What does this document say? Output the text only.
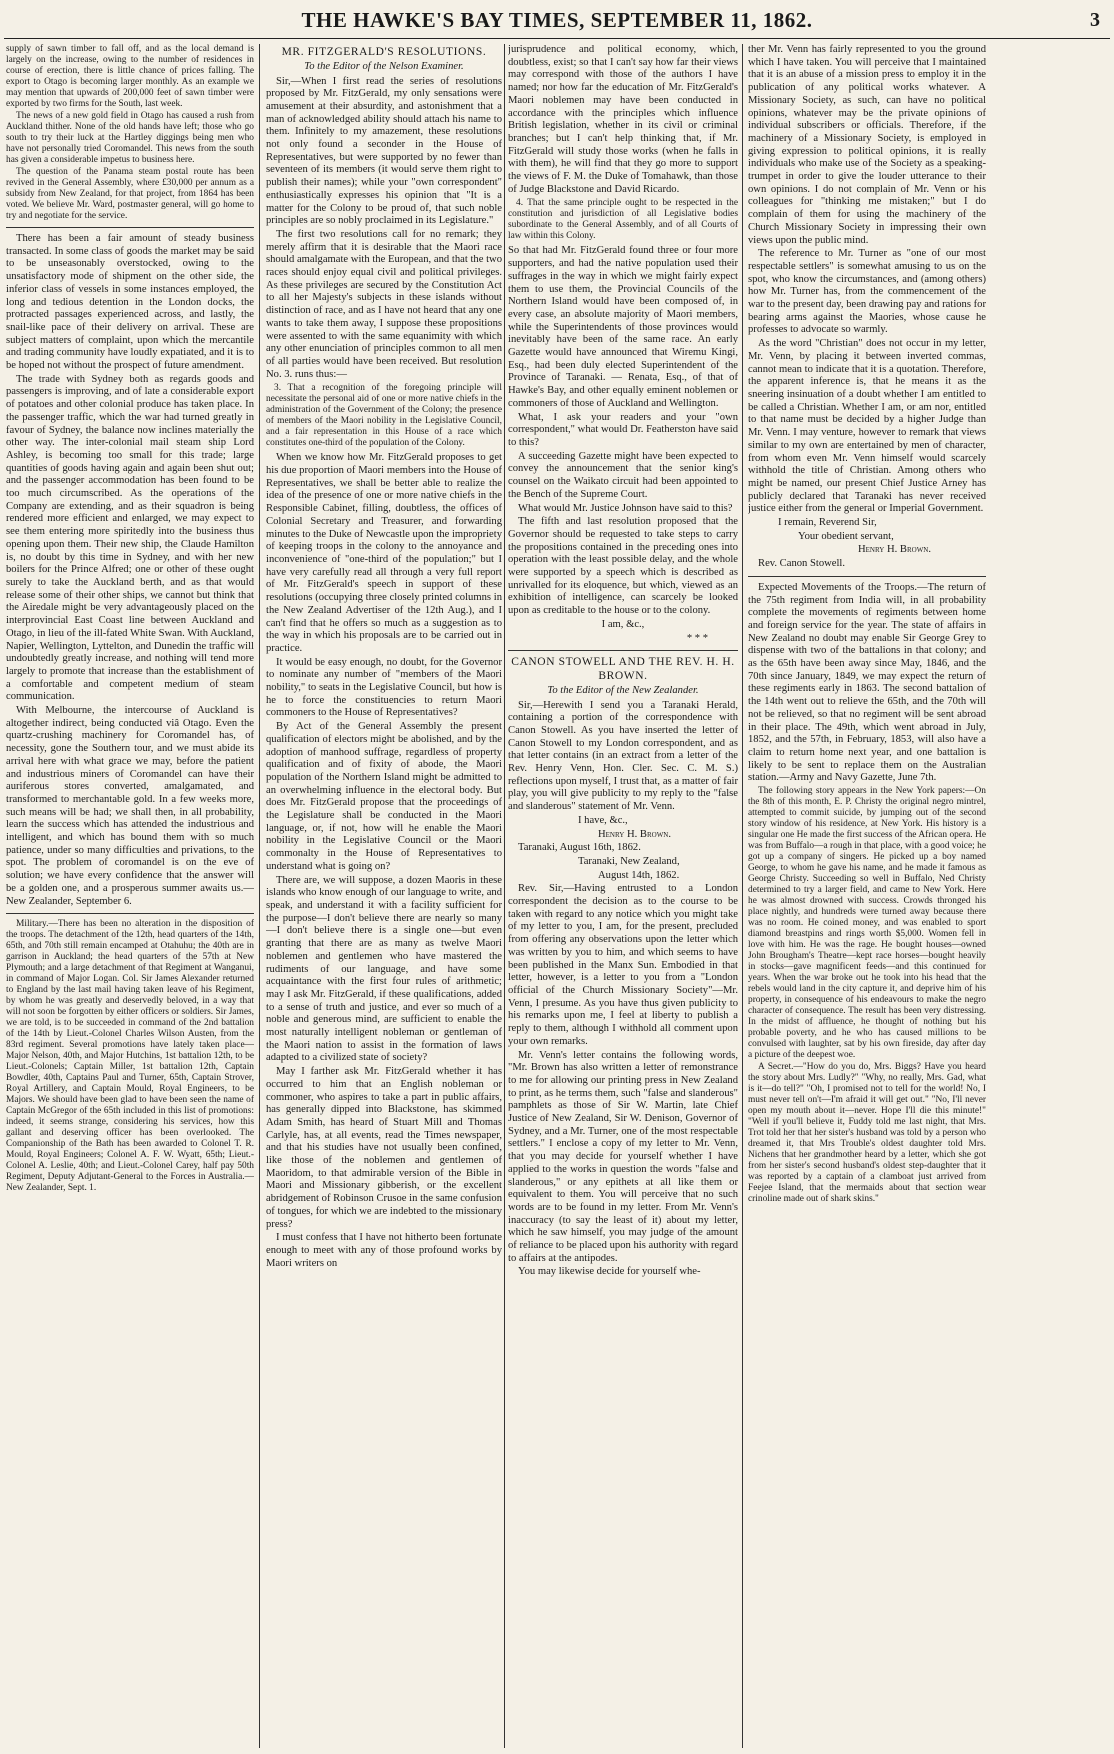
THE HAWKE'S BAY TIMES, SEPTEMBER 11, 1862.	3

supply of sawn timber to fall off, and as the local demand is largely on the increase, owing to the number of residences in course of erection, there is little chance of prices falling. The export to Otago is becoming larger monthly. As an example we may mention that upwards of 200,000 feet of sawn timber were exported by two firms for the South, last week.

The news of a new gold field in Otago has caused a rush from Auckland thither. None of the old hands have left; those who go south to try their luck at the Hartley diggings being men who have not personally tried Coromandel. This news from the south has given a considerable impetus to business here.

The question of the Panama steam postal route has been revived in the General Assembly, where £30,000 per annum as a subsidy from New Zealand, for that project, from 1864 has been voted. We believe Mr. Ward, postmaster general, will go home to try and negotiate for the service.

There has been a fair amount of steady business transacted. In some class of goods the market may be said to be unseasonably overstocked, owing to the unsatisfactory mode of shipment on the other side, the inferior class of vessels in some instances employed, the long and tedious detention in the London docks, the protracted passages experienced across, and lastly, the snail-like pace of their delivery on arrival. These are subject matters of complaint, upon which the mercantile and trading community have loudly expatiated, and it is to be hoped not without the prospect of future amendment.

The trade with Sydney both as regards goods and passengers is improving, and of late a considerable export of potatoes and other colonial produce has taken place. In the passenger traffic, which the war had turned greatly in favour of Sydney, the balance now inclines materially the other way. The inter-colonial mail steam ship Lord Ashley, is becoming too small for this trade; large quantities of goods having again and again been shut out; and the passenger accommodation has been found to be too much circumscribed. As the operations of the Company are extending, and as their squadron is being rendered more efficient and enlarged, we may expect to see them entering more spiritedly into the business thus opening upon them. Their new ship, the Claude Hamilton is, no doubt by this time in Sydney, and with her new boilers for the Prince Alfred; one or other of these ought surely to take the Auckland berth, and as that would release some of their other ships, we cannot but think that the Airedale might be very advantageously placed on the interprovincial East Coast line between Auckland and Otago, in lieu of the ill-fated White Swan. With Auckland, Napier, Wellington, Lyttelton, and Dunedin the traffic will undoubtedly greatly increase, and nothing will tend more largely to promote that increase than the establishment of a comfortable and competent medium of steam communication.

With Melbourne, the intercourse of Auckland is altogether indirect, being conducted viâ Otago. Even the quartz-crushing machinery for Coromandel has, of necessity, gone the Southern tour, and we must abide its arrival here with what grace we may, before the patient and industrious miners of Coromandel can have their auriferous stores converted, amalgamated, and transformed to merchantable gold. In a few weeks more, such means will be had; we shall then, in all probability, learn the success which has attended the industrious and intelligent, and which has bound them with so much patience, under so many difficulties and privations, to the spot. The problem of coromandel is on the eve of solution; we have every confidence that the answer will be a golden one, and a prosperous summer awaits us.—New Zealander, September 6.

Military.—There has been no alteration in the disposition of the troops. The detachment of the 12th, head quarters of the 14th, 65th, and 70th still remain encamped at Otahuhu; the 40th are in garrison in Auckland; the head quarters of the 57th at New Plymouth; and a large detachment of that Regiment at Wanganui, in command of Major Logan. Col. Sir James Alexander returned to England by the last mail having taken leave of his Regiment, by whom he was greatly and deservedly beloved, in a way that will not soon be forgotten by either officers or soldiers. Sir James, we are told, is to be succeeded in command of the 2nd battalion of the 14th by Lieut.-Colonel Charles Wilson Austen, from the 83rd regiment. Several promotions have lately taken place—Major Nelson, 40th, and Major Hutchins, 1st battalion 12th, to be Lieut.-Colonels; Captain Miller, 1st battalion 12th, Captain Bowdler, 40th, Captains Paul and Turner, 65th, Captain Strover, Royal Artillery, and Captain Mould, Royal Engineers, to be Majors. We should have been glad to have been seen the name of Captain McGregor of the 65th included in this list of promotions: indeed, it seems strange, considering his services, how this gallant and deserving officer has been overlooked. The Companionship of the Bath has been awarded to Colonel T. R. Mould, Royal Engineers; Colonel A. F. W. Wyatt, 65th; Lieut.-Colonel A. Leslie, 40th; and Lieut.-Colonel Carey, half pay 50th Regiment, Deputy Adjutant-General to the Forces in Australia.—New Zealander, Sept. 1.

MR. FITZGERALD'S RESOLUTIONS.
To the Editor of the Nelson Examiner.

Sir,—When I first read the series of resolutions proposed by Mr. FitzGerald, my only sensations were amusement at their absurdity, and astonishment that a man of acknowledged ability should attach his name to them. Infinitely to my amazement, these resolutions not only found a seconder in the House of Representatives, but were supported by no fewer than seventeen of its members (it would serve them right to publish their names); while your "own correspondent" enthusiastically expresses his opinion that "It is a matter for the Colony to be proud of, that such noble principles are so nobly proclaimed in its Legislature."

The first two resolutions call for no remark; they merely affirm that it is desirable that the Maori race should amalgamate with the European, and that the two races should enjoy equal civil and political privileges. As these privileges are secured by the Constitution Act to all her Majesty's subjects in these islands without distinction of race, and as I have not heard that any one wants to take them away, I suppose these propositions were assented to with the same equanimity with which any other enunciation of principles common to all men of all parties would have been received. But resolution No. 3. runs thus:—

3. That a recognition of the foregoing principle will necessitate the personal aid of one or more native chiefs in the administration of the Government of the Colony; the presence of members of the Maori nobility in the Legislative Council, and a fair representation in this House of a race which constitutes one-third of the population of the Colony.

When we know how Mr. FitzGerald proposes to get his due proportion of Maori members into the House of Representatives, we shall be better able to realize the idea of the presence of one or more native chiefs in the Responsible Cabinet, filling, doubtless, the offices of Colonial Secretary and Treasurer, and forwarding minutes to the Duke of Newcastle upon the impropriety of keeping troops in the colony to the annoyance and inconvenience of "one-third of the population;" but I have very carefully read all through a very full report of Mr. FitzGerald's speech in support of these resolutions (occupying three closely printed columns in the New Zealand Advertiser of the 12th Aug.), and I can't find that he offers so much as a suggestion as to the way in which his proposals are to be carried out in practice.

It would be easy enough, no doubt, for the Governor to nominate any number of "members of the Maori nobility," to seats in the Legislative Council, but how is he to force the constituencies to return Maori commoners to the House of Representatives?

By Act of the General Assembly the present qualification of electors might be abolished, and by the adoption of manhood suffrage, regardless of property qualification and of fixity of abode, the Maori population of the Northern Island might be admitted to an overwhelming influence in the electoral body. But does Mr. FitzGerald propose that the proceedings of the Legislature shall be conducted in the Maori language, or, if not, how will he enable the Maori nobility in the Legislative Council or the Maori commonalty in the House of Representatives to understand what is going on?

There are, we will suppose, a dozen Maoris in these islands who know enough of our language to write, and speak, and understand it with a facility sufficient for the purpose—I don't believe there are nearly so many—I don't believe there is a single one—but even granting that there are as many as twelve Maori noblemen and gentlemen who have mastered the rudiments of our language, and have some acquaintance with the first four rules of arithmetic; may I ask Mr. FitzGerald, if these qualifications, added to a sense of truth and justice, and ever so much of a noble and generous mind, are sufficient to enable the most naturally intelligent nobleman or gentleman of the Maori nation to assist in the formation of laws adapted to a civilized state of society?

May I farther ask Mr. FitzGerald whether it has occurred to him that an English nobleman or commoner, who aspires to take a part in public affairs, has generally dipped into Blackstone, has skimmed Adam Smith, has heard of Stuart Mill and Thomas Carlyle, has, at all events, read the Times newspaper, and that his studies have not usually been confined, like those of the noblemen and gentlemen of Maoridom, to that admirable version of the Bible in Maori and Missionary gibberish, or the excellent abridgement of Robinson Crusoe in the same confusion of tongues, for which we are indebted to the missionary press?

I must confess that I have not hitherto been fortunate enough to meet with any of those profound works by Maori writers on

jurisprudence and political economy, which, doubtless, exist; so that I can't say how far their views may correspond with those of the authors I have named; nor how far the education of Mr. FitzGerald's Maori noblemen may have been conducted in accordance with the principles which influence British legislation, whether in its civil or criminal branches; but I can't help thinking that, if Mr. FitzGerald will study those works (when he falls in with them), he will find that they go more to support the views of F. M. the Duke of Tomahawk, than those of Judge Blackstone and David Ricardo.

4. That the same principle ought to be respected in the constitution and jurisdiction of all Legislative bodies subordinate to the General Assembly, and of all Courts of law within this Colony.

So that had Mr. FitzGerald found three or four more supporters, and had the native population used their suffrages in the way in which we might fairly expect them to use them, the Provincial Councils of the Northern Island would have been composed of, in every case, an absolute majority of Maori members, while the Superintendents of those provinces would inevitably have been of the same race. An early Gazette would have announced that Wiremu Kingi, Esq., had been duly elected Superintendent of the Province of Taranaki. — Renata, Esq., of that of Hawke's Bay, and other equally eminent noblemen or commoners of those of Auckland and Wellington.

What, I ask your readers and your "own correspondent," what would Dr. Featherston have said to this?

A succeeding Gazette might have been expected to convey the announcement that the senior king's counsel on the Waikato circuit had been appointed to the Bench of the Supreme Court.

What would Mr. Justice Johnson have said to this?

The fifth and last resolution proposed that the Governor should be requested to take steps to carry the propositions contained in the preceding ones into operation with the least possible delay, and the whole were supported by a speech which is described as unrivalled for its eloquence, but which, viewed as an exhibition of intelligence, can scarcely be looked upon as creditable to the house or to the colony.

I am, &c.,

* * *

CANON STOWELL AND THE REV. H. H. BROWN.
To the Editor of the New Zealander.

Sir,—Herewith I send you a Taranaki Herald, containing a portion of the correspondence with Canon Stowell. As you have inserted the letter of Canon Stowell to my London correspondent, and as that letter contains (in an extract from a letter of the Rev. Henry Venn, Hon. Cler. Sec. C. M. S.) reflections upon myself, I trust that, as a matter of fair play, you will give publicity to my reply to the "false and slanderous" statement of Mr. Venn.

I have, &c.,

Henry H. Brown.

Taranaki, August 16th, 1862.

Taranaki, New Zealand,

August 14th, 1862.

Rev. Sir,—Having entrusted to a London correspondent the decision as to the course to be taken with regard to any notice which you might take of my letter to you, I am, for the present, precluded from offering any observations upon the letter which was written by you to him, and which seems to have been published in the Manx Sun. Embodied in that letter, however, is a letter to you from a "London official of the Church Missionary Society"—Mr. Venn, I presume. As you have thus given publicity to his remarks upon me, I feel at liberty to publish a reply to them, although I withhold all comment upon your own remarks.

Mr. Venn's letter contains the following words, "Mr. Brown has also written a letter of remonstrance to me for allowing our printing press in New Zealand to print, as he terms them, such "false and slanderous" pamphlets as those of Sir W. Martin, late Chief Justice of New Zealand, Sir W. Denison, Governor of Sydney, and a Mr. Turner, one of the most respectable settlers." I enclose a copy of my letter to Mr. Venn, that you may decide for yourself whether I have applied to the works in question the words "false and slanderous," or any epithets at all like them or equivalent to them. You will perceive that no such words are to be found in my letter. From Mr. Venn's inaccuracy (to say the least of it) about my letter, which he saw himself, you may judge of the amount of reliance to be placed upon his authority with regard to affairs at the antipodes.

You may likewise decide for yourself whe-

ther Mr. Venn has fairly represented to you the ground which I have taken. You will perceive that I maintained that it is an abuse of a mission press to employ it in the publication of any political works whatever. A Missionary Society, as such, can have no political opinions, whatever may be the private opinions of individual subscribers or officials. Therefore, if the machinery of a Missionary Society, is employed in giving expression to political opinions, it is really individuals who make use of the Society as a speaking-trumpet in order to give the louder utterance to their own opinions. I do not complain of Mr. Venn or his colleagues for "thinking me mistaken;" but I do complain of them for using the machinery of the Church Missionary Society in impressing their own views upon the public mind.

The reference to Mr. Turner as "one of our most respectable settlers" is somewhat amusing to us on the spot, who know the circumstances, and (among others) how Mr. Turner has, from the commencement of the war to the present day, been drawing pay and rations for bearing arms against the Maories, whose cause he professes to advocate so warmly.

As the word "Christian" does not occur in my letter, Mr. Venn, by placing it between inverted commas, cannot mean to indicate that it is a quotation. Therefore, the apparent inference is, that he means it as the sneering insinuation of a doubt whether I am entitled to be called a Christian. Whether I am, or am nor, entitled to that name must be decided by a higher Judge than Mr. Venn. I may venture, however to remark that views similar to my own are entertained by men of character, from whom even Mr. Venn himself would scarcely withhold the title of Christian. Among others who might be named, our present Chief Justice Arney has publicly declared that Taranaki has never received justice either from the general or Imperial Government.

I remain, Reverend Sir,

Your obedient servant,

Henry H. Brown.

Rev. Canon Stowell.

Expected Movements of the Troops.—The return of the 75th regiment from India will, in all probability complete the movements of regiments between home and foreign service for the year. The state of affairs in New Zealand no doubt may enable Sir George Grey to dispense with two of the battalions in that colony; and as the 65th have been away since May, 1846, and the 70th since January, 1849, we may expect the return of these regiments early in 1863. The second battalion of the 14th went out to relieve the 65th, and the 70th will not be relieved, so that no regiment will be sent abroad in their place. The 49th, which went abroad in July, 1852, and the 57th, in February, 1853, will also have a claim to return home next year, and one battalion is likely to be sent to replace them on the Australian station.—Army and Navy Gazette, June 7th.

The following story appears in the New York papers:—On the 8th of this month, E. P. Christy the original negro mintrel, attempted to commit suicide, by jumping out of the second story window of his residence, at New York. His history is a singular one He made the first success of the African opera. He was from Buffalo—a rough in that place, with a good voice; he got up a company of singers. He picked up a boy named George, to whom he gave his name, and he made it famous as George Christy. Succeeding so well in Buffalo, Ned Christy determined to try a larger field, and came to New York. Here he was almost drowned with success. Crowds thronged his place nightly, and hundreds were turned away because there was no room. He coined money, and was enabled to sport diamond breastpins and rings worth $5,000. Women fell in love with him. He was the rage. He bought houses—owned John Brougham's Theatre—kept race horses—bought heavily in stocks—gave magnificent feeds—and this continued for years. When the war broke out he took into his head that the rebels would land in the city capture it, and deprive him of his property, in consequence of his endeavours to make the negro character of consequence. The result has been very distressing. In the midst of affluence, he thought of nothing but his probable poverty, and he who has caused millions to be convulsed with laughter, sat by his own fireside, day after day a picture of the deepest woe.

A Secret.—"How do you do, Mrs. Biggs? Have you heard the story about Mrs. Ludly?" "Why, no really, Mrs. Gad, what is it—do tell?" "Oh, I promised not to tell for the world! No, I must never tell on't—I'm afraid it will get out." "No, I'll never open my mouth about it—never. Hope I'll die this minute!" "Well if you'll believe it, Fuddy told me last night, that Mrs. Trot told her that her sister's husband was told by a person who dreamed it, that Mrs Trouble's oldest daughter told Mrs. Nichens that her grandmother heard by a letter, which she got from her sister's second husband's oldest step-daughter that it was reported by a captain of a clamboat just arrived from Feejee Island, that the mermaids about that section wear crinoline made out of shark skins."
